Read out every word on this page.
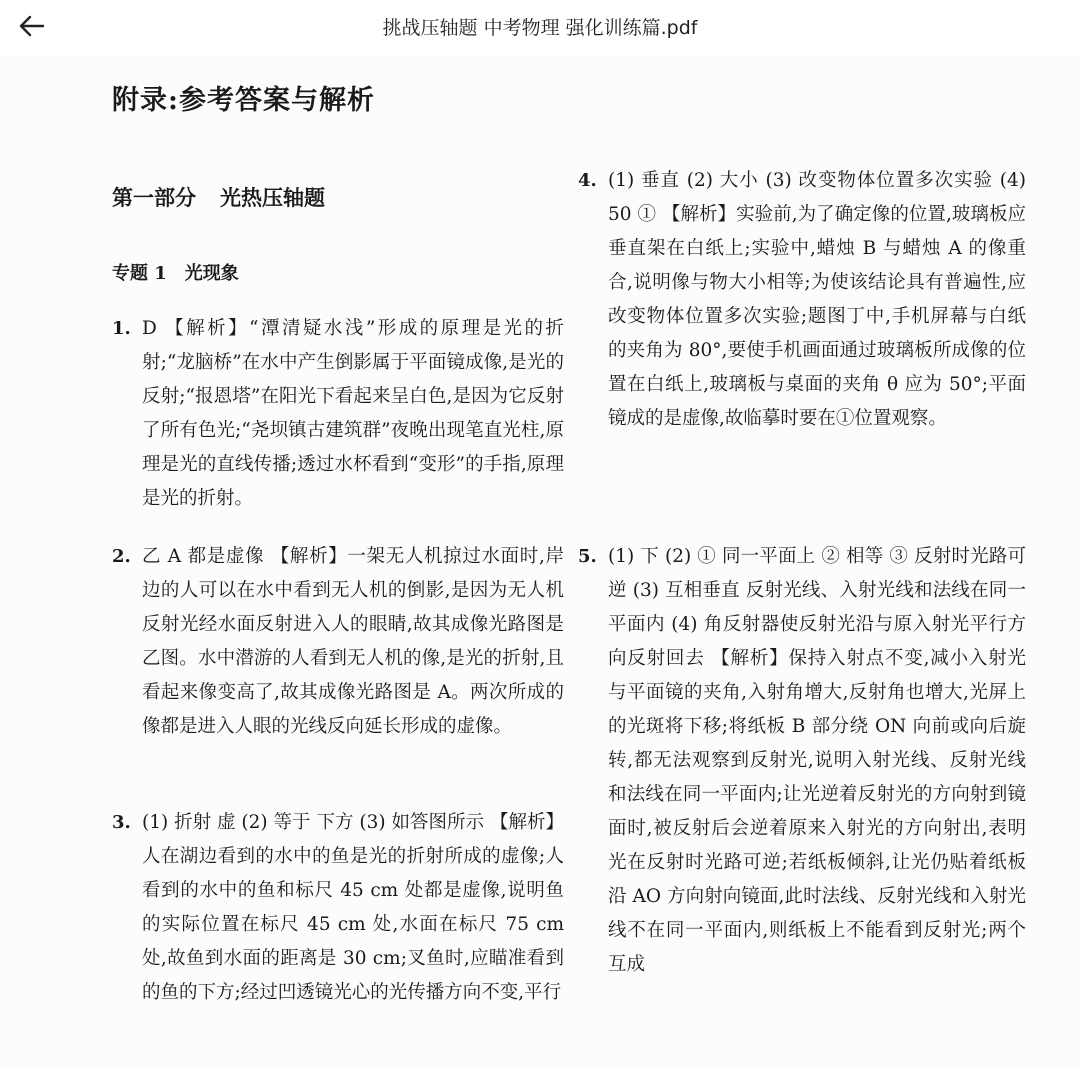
挑战压轴题 中考物理 强化训练篇.pdf
附录:参考答案与解析
第一部分 光热压轴题
专题 1 光现象
1. D 【解析】“潭清疑水浅”形成的原理是光的折射;“龙脑桥”在水中产生倒影属于平面镜成像,是光的反射;“报恩塔”在阳光下看起来呈白色,是因为它反射了所有色光;“尧坝镇古建筑群”夜晚出现笔直光柱,原理是光的直线传播;透过水杯看到“变形”的手指,原理是光的折射。
2. 乙 A 都是虚像 【解析】一架无人机掠过水面时,岸边的人可以在水中看到无人机的倒影,是因为无人机反射光经水面反射进入人的眼睛,故其成像光路图是乙图。水中潜游的人看到无人机的像,是光的折射,且看起来像变高了,故其成像光路图是 A。两次所成的像都是进入人眼的光线反向延长形成的虚像。
3. (1) 折射 虚 (2) 等于 下方 (3) 如答图所示 【解析】人在湖边看到的水中的鱼是光的折射所成的虚像;人看到的水中的鱼和标尺 45 cm 处都是虚像,说明鱼的实际位置在标尺 45 cm 处,水面在标尺 75 cm 处,故鱼到水面的距离是 30 cm;叉鱼时,应瞄准看到的鱼的下方;经过凹透镜光心的光传播方向不变,平行
4. (1) 垂直 (2) 大小 (3) 改变物体位置多次实验 (4) 50 ① 【解析】实验前,为了确定像的位置,玻璃板应垂直架在白纸上;实验中,蜡烛 B 与蜡烛 A 的像重合,说明像与物大小相等;为使该结论具有普遍性,应改变物体位置多次实验;题图丁中,手机屏幕与白纸的夹角为 80°,要使手机画面通过玻璃板所成像的位置在白纸上,玻璃板与桌面的夹角 θ 应为 50°;平面镜成的是虚像,故临摹时要在①位置观察。
5. (1) 下 (2) ① 同一平面上 ② 相等 ③ 反射时光路可逆 (3) 互相垂直 反射光线、入射光线和法线在同一平面内 (4) 角反射器使反射光沿与原入射光平行方向反射回去 【解析】保持入射点不变,减小入射光与平面镜的夹角,入射角增大,反射角也增大,光屏上的光斑将下移;将纸板 B 部分绕 ON 向前或向后旋转,都无法观察到反射光,说明入射光线、反射光线和法线在同一平面内;让光逆着反射光的方向射到镜面时,被反射后会逆着原来入射光的方向射出,表明光在反射时光路可逆;若纸板倾斜,让光仍贴着纸板沿 AO 方向射向镜面,此时法线、反射光线和入射光线不在同一平面内,则纸板上不能看到反射光;两个互成
